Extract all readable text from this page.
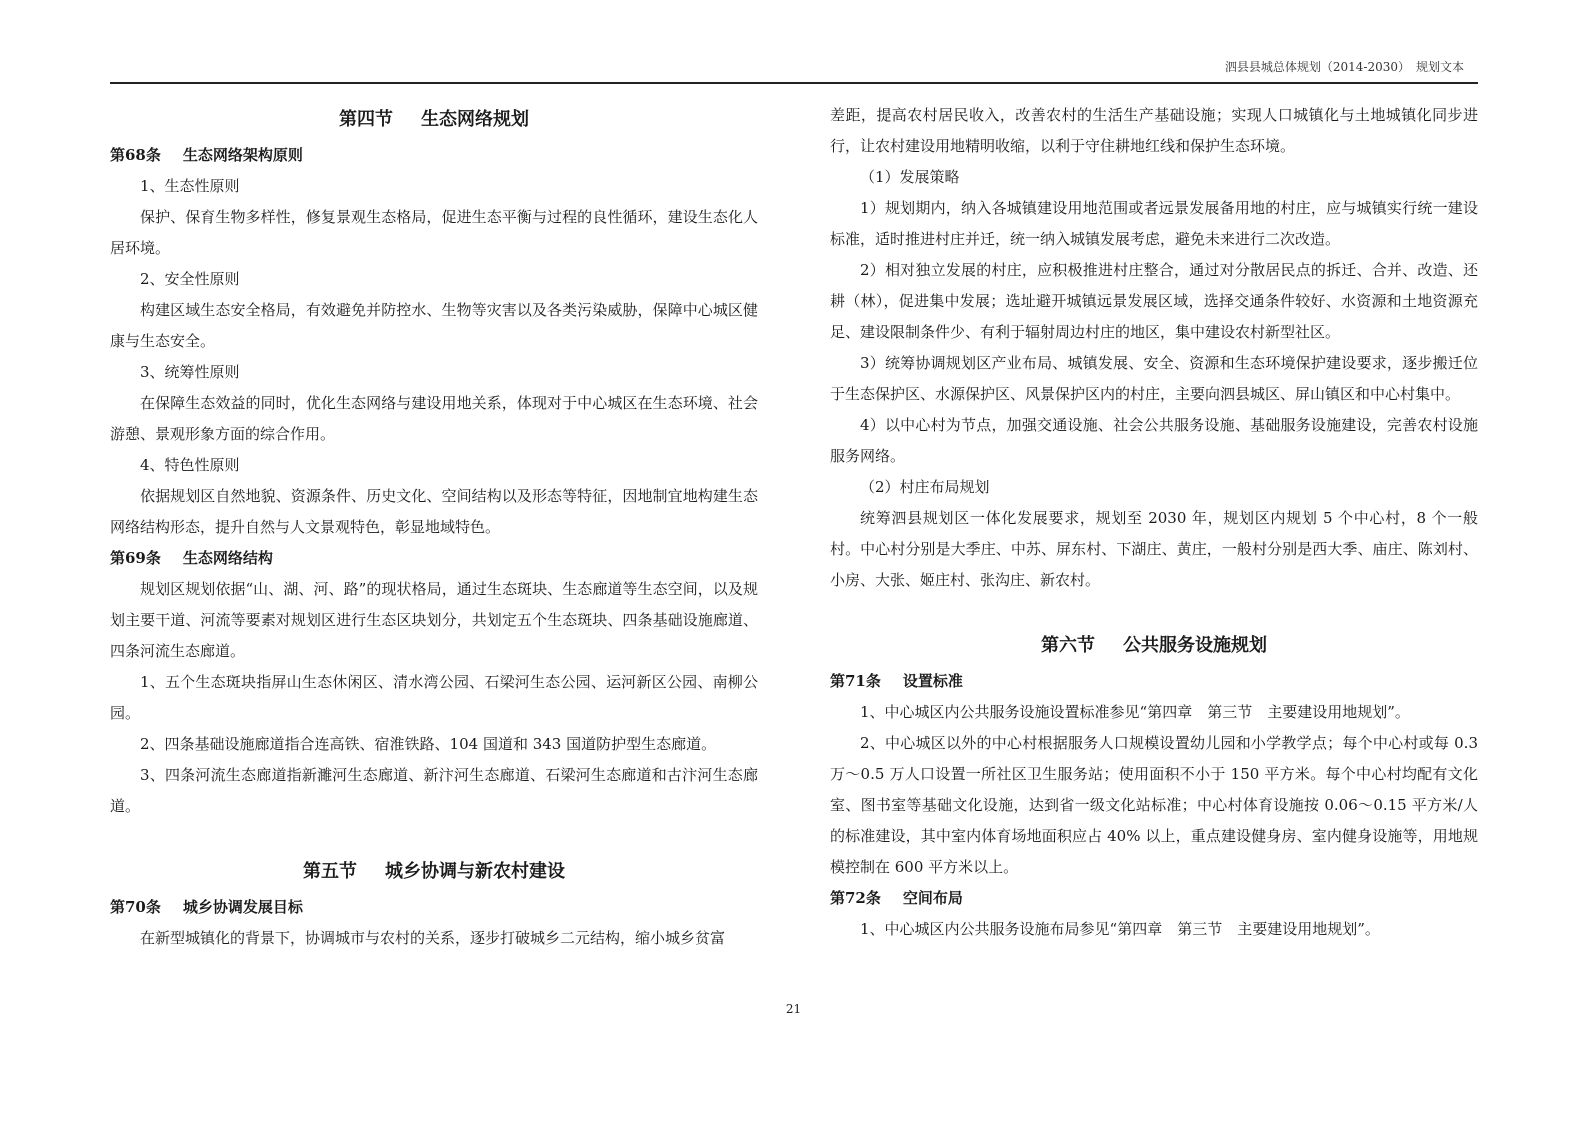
泗县县城总体规划（2014-2030）　规划文本
第四节 生态网络规划
第68条 生态网络架构原则

1、生态性原则

保护、保育生物多样性，修复景观生态格局，促进生态平衡与过程的良性循环，建设生态化人居环境。

2、安全性原则

构建区域生态安全格局，有效避免并防控水、生物等灾害以及各类污染威胁，保障中心城区健康与生态安全。

3、统筹性原则

在保障生态效益的同时，优化生态网络与建设用地关系，体现对于中心城区在生态环境、社会游憩、景观形象方面的综合作用。

4、特色性原则

依据规划区自然地貌、资源条件、历史文化、空间结构以及形态等特征，因地制宜地构建生态网络结构形态，提升自然与人文景观特色，彰显地域特色。

第69条 生态网络结构

规划区规划依据“山、湖、河、路”的现状格局，通过生态斑块、生态廊道等生态空间，以及规划主要干道、河流等要素对规划区进行生态区块划分，共划定五个生态斑块、四条基础设施廊道、四条河流生态廊道。

1、五个生态斑块指屏山生态休闲区、清水湾公园、石梁河生态公园、运河新区公园、南柳公园。

2、四条基础设施廊道指合连高铁、宿淮铁路、104 国道和 343 国道防护型生态廊道。

3、四条河流生态廊道指新濉河生态廊道、新汴河生态廊道、石梁河生态廊道和古汴河生态廊道。

第五节 城乡协调与新农村建设
第70条 城乡协调发展目标

在新型城镇化的背景下，协调城市与农村的关系，逐步打破城乡二元结构，缩小城乡贫富

差距，提高农村居民收入，改善农村的生活生产基础设施；实现人口城镇化与土地城镇化同步进行，让农村建设用地精明收缩，以利于守住耕地红线和保护生态环境。

（1）发展策略

1）规划期内，纳入各城镇建设用地范围或者远景发展备用地的村庄，应与城镇实行统一建设标准，适时推进村庄并迁，统一纳入城镇发展考虑，避免未来进行二次改造。

2）相对独立发展的村庄，应积极推进村庄整合，通过对分散居民点的拆迁、合并、改造、还耕（林），促进集中发展；选址避开城镇远景发展区域，选择交通条件较好、水资源和土地资源充足、建设限制条件少、有利于辐射周边村庄的地区，集中建设农村新型社区。

3）统筹协调规划区产业布局、城镇发展、安全、资源和生态环境保护建设要求，逐步搬迁位于生态保护区、水源保护区、风景保护区内的村庄，主要向泗县城区、屏山镇区和中心村集中。

4）以中心村为节点，加强交通设施、社会公共服务设施、基础服务设施建设，完善农村设施服务网络。

（2）村庄布局规划

统筹泗县规划区一体化发展要求，规划至 2030 年，规划区内规划 5 个中心村，8 个一般村。中心村分别是大季庄、中苏、屏东村、下湖庄、黄庄，一般村分别是西大季、庙庄、陈刘村、小房、大张、姬庄村、张沟庄、新农村。

第六节 公共服务设施规划
第71条 设置标准

1、中心城区内公共服务设施设置标准参见“第四章　第三节　主要建设用地规划”。

2、中心城区以外的中心村根据服务人口规模设置幼儿园和小学教学点；每个中心村或每 0.3 万～0.5 万人口设置一所社区卫生服务站；使用面积不小于 150 平方米。每个中心村均配有文化室、图书室等基础文化设施，达到省一级文化站标准；中心村体育设施按 0.06～0.15 平方米/人的标准建设，其中室内体育场地面积应占 40% 以上，重点建设健身房、室内健身设施等，用地规模控制在 600 平方米以上。

第72条 空间布局

1、中心城区内公共服务设施布局参见“第四章　第三节　主要建设用地规划”。

21
